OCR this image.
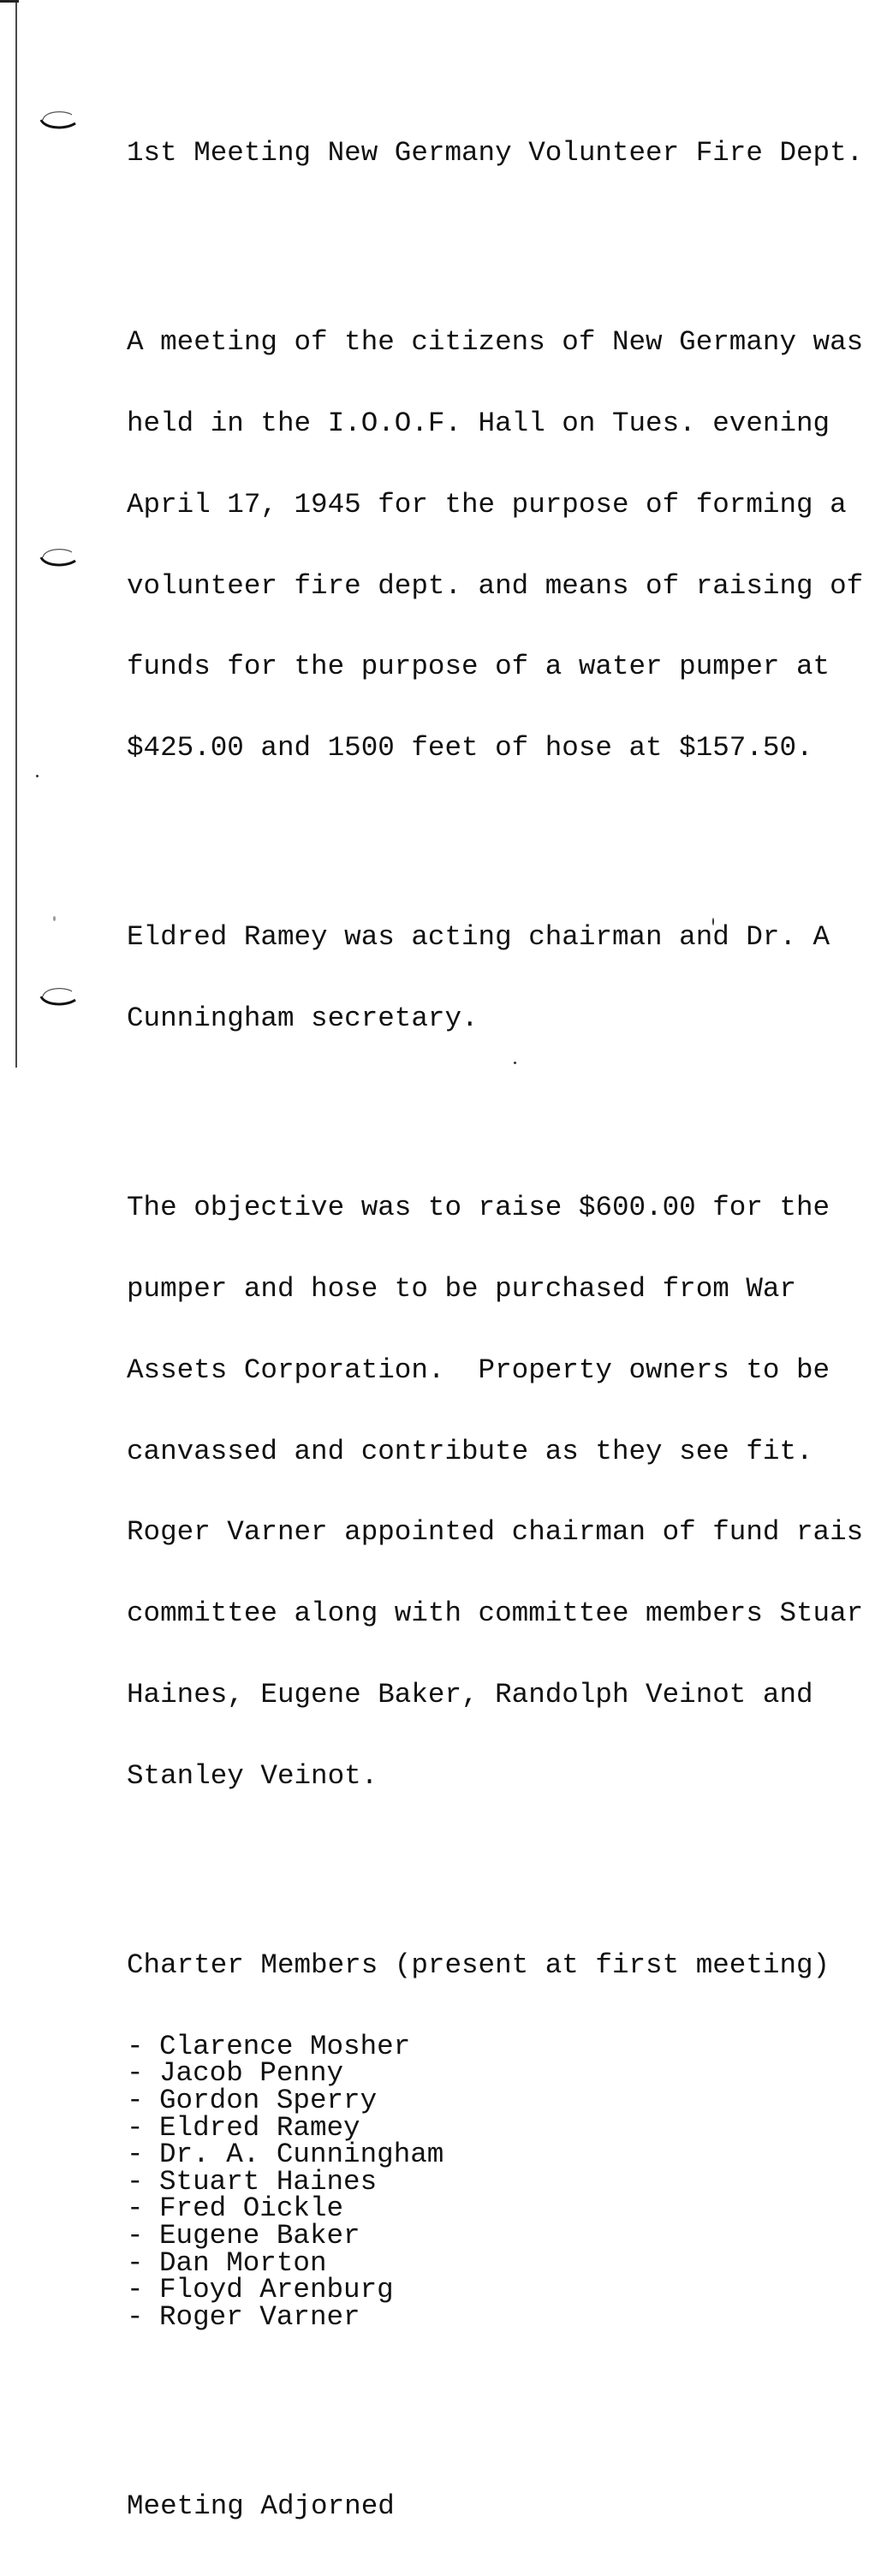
1st Meeting New Germany Volunteer Fire Dept.

A meeting of the citizens of New Germany was

held in the I.O.O.F. Hall on Tues. evening

April 17, 1945 for the purpose of forming a

volunteer fire dept. and means of raising of

funds for the purpose of a water pumper at

$425.00 and 1500 feet of hose at $157.50.

Eldred Ramey was acting chairman and Dr. A

Cunningham secretary.

The objective was to raise $600.00 for the

pumper and hose to be purchased from War

Assets Corporation.  Property owners to be

canvassed and contribute as they see fit.

Roger Varner appointed chairman of fund rais

committee along with committee members Stuar

Haines, Eugene Baker, Randolph Veinot and

Stanley Veinot.

Charter Members (present at first meeting)

- Clarence Mosher
- Jacob Penny
- Gordon Sperry
- Eldred Ramey
- Dr. A. Cunningham
- Stuart Haines
- Fred Oickle
- Eugene Baker
- Dan Morton
- Floyd Arenburg
- Roger Varner

Meeting Adjorned
